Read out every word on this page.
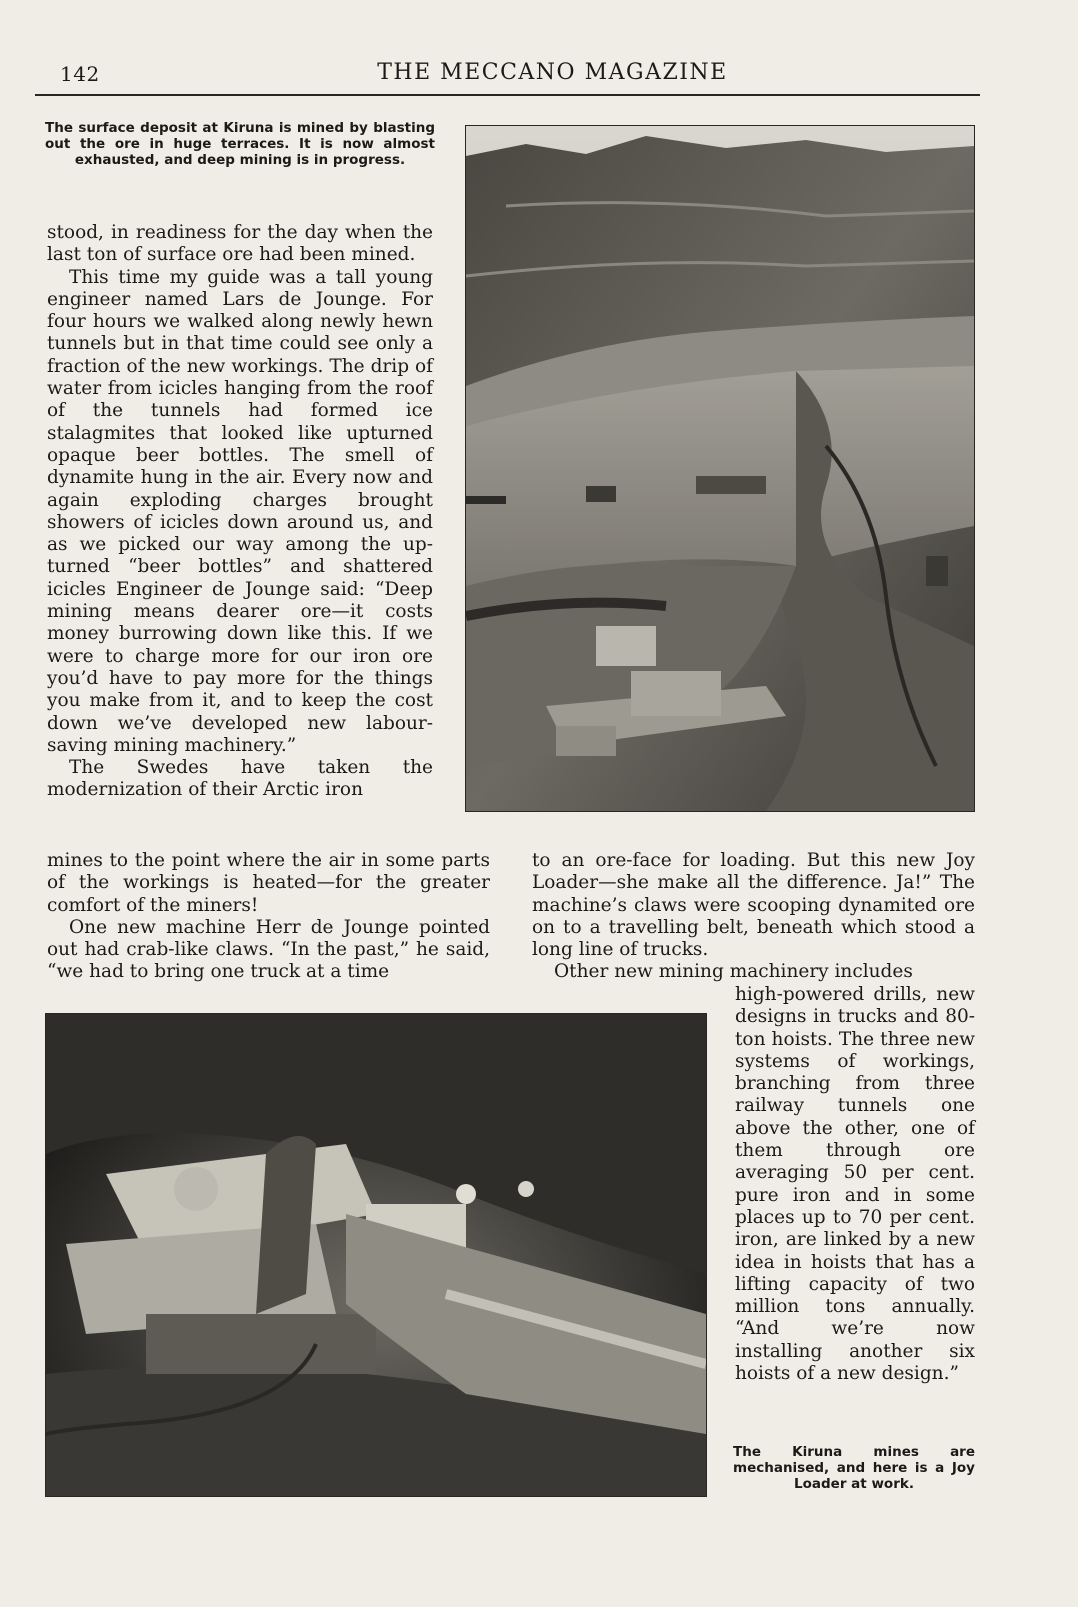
142	THE MECCANO MAGAZINE
The surface deposit at Kiruna is mined by blasting out the ore in huge terraces. It is now almost exhausted, and deep mining is in progress.

stood, in readiness for the day when the last ton of surface ore had been mined.

This time my guide was a tall young engineer named Lars de Jounge. For four hours we walked along newly hewn tunnels but in that time could see only a fraction of the new workings. The drip of water from icicles hanging from the roof of the tunnels had formed ice stalagmites that looked like upturned opaque beer bottles. The smell of dynamite hung in the air. Every now and again exploding charges brought showers of icicles down around us, and as we picked our way among the up-turned “beer bottles” and shattered icicles Engineer de Jounge said: “Deep mining means dearer ore—it costs money burrowing down like this. If we were to charge more for our iron ore you’d have to pay more for the things you make from it, and to keep the cost down we’ve developed new labour-saving mining machinery.”

The Swedes have taken the modernization of their Arctic iron

mines to the point where the air in some parts of the workings is heated—for the greater comfort of the miners!

One new machine Herr de Jounge pointed out had crab-like claws. “In the past,” he said, “we had to bring one truck at a time

to an ore-face for loading. But this new Joy Loader—she make all the difference. Ja!” The machine’s claws were scooping dynamited ore on to a travelling belt, beneath which stood a long line of trucks.

Other new mining machinery includes

high-powered drills, new designs in trucks and 80-ton hoists. The three new systems of workings, branching from three railway tunnels one above the other, one of them through ore averaging 50 per cent. pure iron and in some places up to 70 per cent. iron, are linked by a new idea in hoists that has a lifting capacity of two million tons annually. “And we’re now installing another six hoists of a new design.”

The Kiruna mines are mechanised, and here is a Joy Loader at work.
